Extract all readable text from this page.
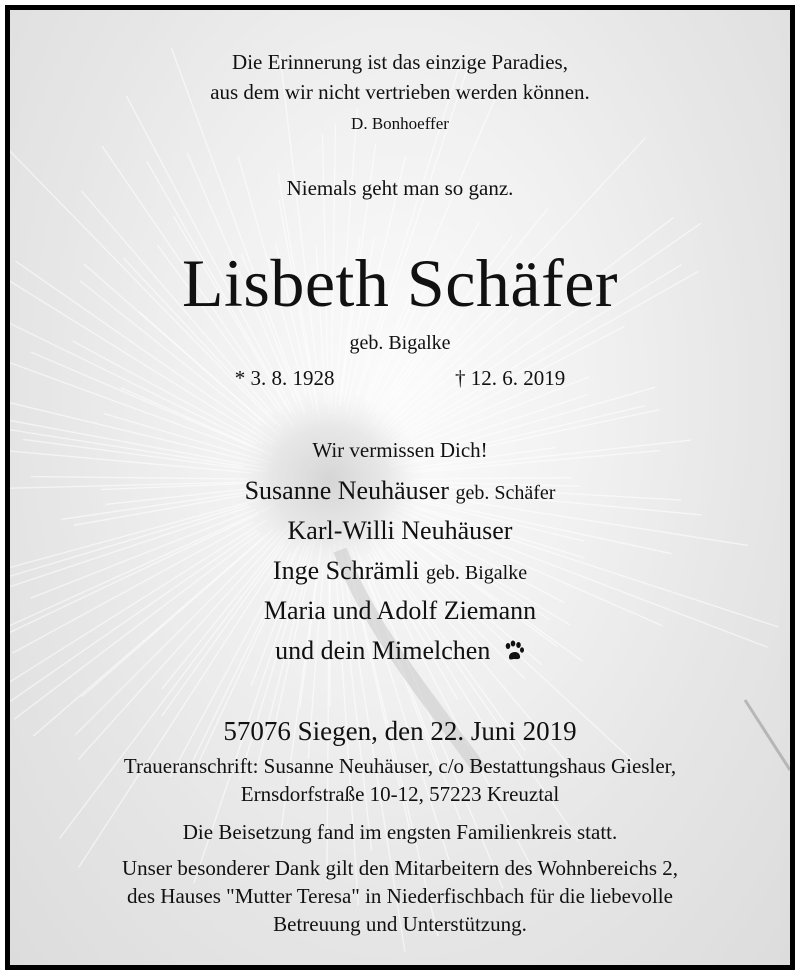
Die Erinnerung ist das einzige Paradies,
aus dem wir nicht vertrieben werden können.
D. Bonhoeffer
Niemals geht man so ganz.
Lisbeth Schäfer
geb. Bigalke
* 3. 8. 1928	† 12. 6. 2019
Wir vermissen Dich!
Susanne Neuhäuser geb. Schäfer
Karl-Willi Neuhäuser
Inge Schrämli geb. Bigalke
Maria und Adolf Ziemann
und dein Mimelchen
57076 Siegen, den 22. Juni 2019
Traueranschrift: Susanne Neuhäuser, c/o Bestattungshaus Giesler,
Ernsdorfstraße 10-12, 57223 Kreuztal
Die Beisetzung fand im engsten Familienkreis statt.
Unser besonderer Dank gilt den Mitarbeitern des Wohnbereichs 2,
des Hauses "Mutter Teresa" in Niederfischbach für die liebevolle
Betreuung und Unterstützung.
